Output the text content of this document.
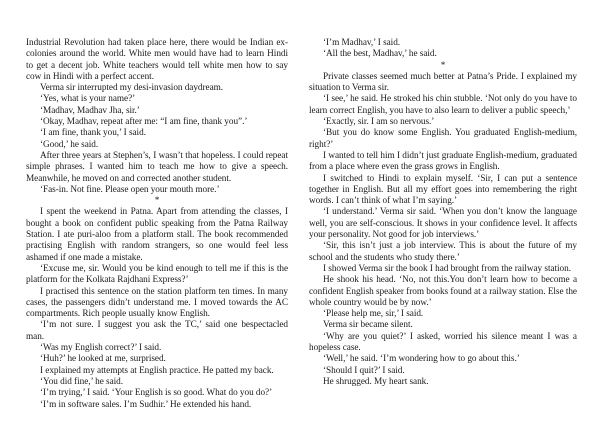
Industrial Revolution had taken place here, there would be Indian ex-colonies around the world. White men would have had to learn Hindi to get a decent job. White teachers would tell white men how to say cow in Hindi with a perfect accent.

Verma sir interrupted my desi-invasion daydream.

‘Yes, what is your name?’

‘Madhav, Madhav Jha, sir.’

‘Okay, Madhav, repeat after me: “I am fine, thank you”.’

‘I am fine, thank you,’ I said.

‘Good,’ he said.

After three years at Stephen’s, I wasn’t that hopeless. I could repeat simple phrases. I wanted him to teach me how to give a speech. Meanwhile, he moved on and corrected another student.

‘Fas-in. Not fine. Please open your mouth more.’

*

I spent the weekend in Patna. Apart from attending the classes, I bought a book on confident public speaking from the Patna Railway Station. I ate puri-aloo from a platform stall. The book recommended practising English with random strangers, so one would feel less ashamed if one made a mistake.

‘Excuse me, sir. Would you be kind enough to tell me if this is the platform for the Kolkata Rajdhani Express?’

I practised this sentence on the station platform ten times. In many cases, the passengers didn’t understand me. I moved towards the AC compartments. Rich people usually know English.

‘I’m not sure. I suggest you ask the TC,’ said one bespectacled man.

‘Was my English correct?’ I said.

‘Huh?’ he looked at me, surprised.

I explained my attempts at English practice. He patted my back.

‘You did fine,’ he said.

‘I’m trying,’ I said. ‘Your English is so good. What do you do?’

‘I’m in software sales. I’m Sudhir.’ He extended his hand.

‘I’m Madhav,’ I said.

‘All the best, Madhav,’ he said.

*

Private classes seemed much better at Patna’s Pride. I explained my situation to Verma sir.

‘I see,’ he said. He stroked his chin stubble. ‘Not only do you have to learn correct English, you have to also learn to deliver a public speech,’

‘Exactly, sir. I am so nervous.’

‘But you do know some English. You graduated English-medium, right?’

I wanted to tell him I didn’t just graduate English-medium, graduated from a place where even the grass grows in English.

I switched to Hindi to explain myself. ‘Sir, I can put a sentence together in English. But all my effort goes into remembering the right words. I can’t think of what I’m saying.’

‘I understand.’ Verma sir said. ‘When you don’t know the language well, you are self-conscious. It shows in your confidence level. It affects your personality. Not good for job interviews.’

‘Sir, this isn’t just a job interview. This is about the future of my school and the students who study there.’

I showed Verma sir the book I had brought from the railway station.

He shook his head. ‘No, not this.You don’t learn how to become a confident English speaker from books found at a railway station. Else the whole country would be by now.’

‘Please help me, sir,’ I said.

Verma sir became silent.

‘Why are you quiet?’ I asked, worried his silence meant I was a hopeless case.

‘Well,’ he said. ‘I’m wondering how to go about this.’

‘Should I quit?’ I said.

He shrugged. My heart sank.
